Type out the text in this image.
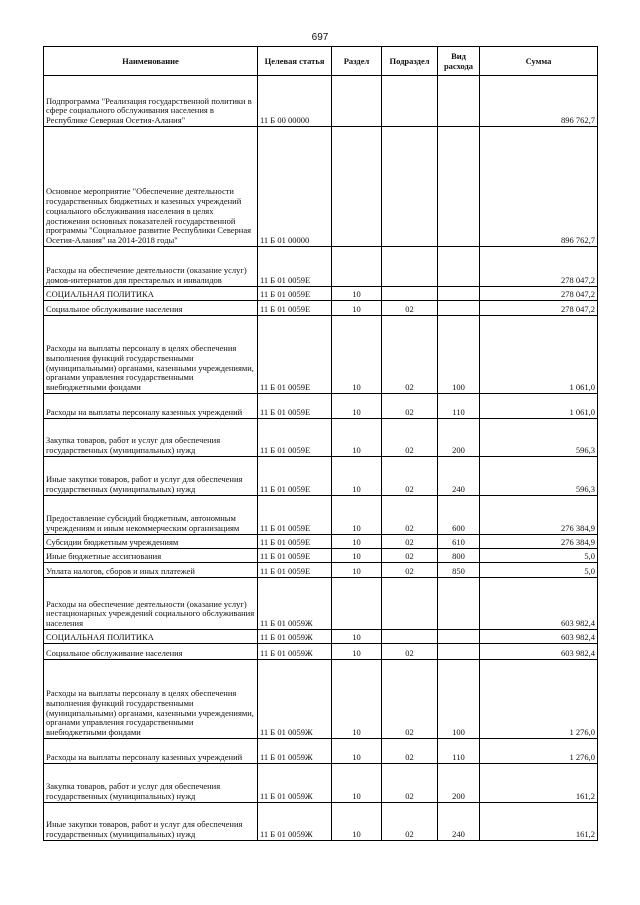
697
Наименование	Целевая статья	Раздел	Подраздел	Вид расхода	Сумма
Подпрограмма "Реализация государственной политики в сфере социального обслуживания населения в Республике Северная Осетия-Алания"	11 Б 00 00000				896 762,7
Основное мероприятие "Обеспечение деятельности государственных бюджетных и казенных учреждений социального обслуживания населения в целях достижения основных показателей государственной программы "Социальное развитие Республики Северная Осетия-Алания" на 2014-2018 годы"	11 Б 01 00000				896 762,7
Расходы на обеспечение деятельности (оказание услуг) домов-интернатов для престарелых и инвалидов	11 Б 01 0059Е				278 047,2
СОЦИАЛЬНАЯ ПОЛИТИКА	11 Б 01 0059Е	10			278 047,2
Социальное обслуживание населения	11 Б 01 0059Е	10	02		278 047,2
Расходы на выплаты персоналу в целях обеспечения выполнения функций государственными (муниципальными) органами, казенными учреждениями, органами управления государственными внебюджетными фондами	11 Б 01 0059Е	10	02	100	1 061,0
Расходы на выплаты персоналу казенных учреждений	11 Б 01 0059Е	10	02	110	1 061,0
Закупка товаров, работ и услуг для обеспечения государственных (муниципальных) нужд	11 Б 01 0059Е	10	02	200	596,3
Иные закупки товаров, работ и услуг для обеспечения государственных (муниципальных) нужд	11 Б 01 0059Е	10	02	240	596,3
Предоставление субсидий бюджетным, автономным учреждениям и иным некоммерческим организациям	11 Б 01 0059Е	10	02	600	276 384,9
Субсидии бюджетным учреждениям	11 Б 01 0059Е	10	02	610	276 384,9
Иные бюджетные ассигнования	11 Б 01 0059Е	10	02	800	5,0
Уплата налогов, сборов и иных платежей	11 Б 01 0059Е	10	02	850	5,0
Расходы на обеспечение деятельности (оказание услуг) нестационарных учреждений социального обслуживания населения	11 Б 01 0059Ж				603 982,4
СОЦИАЛЬНАЯ ПОЛИТИКА	11 Б 01 0059Ж	10			603 982,4
Социальное обслуживание населения	11 Б 01 0059Ж	10	02		603 982,4
Расходы на выплаты персоналу в целях обеспечения выполнения функций государственными (муниципальными) органами, казенными учреждениями, органами управления государственными внебюджетными фондами	11 Б 01 0059Ж	10	02	100	1 276,0
Расходы на выплаты персоналу казенных учреждений	11 Б 01 0059Ж	10	02	110	1 276,0
Закупка товаров, работ и услуг для обеспечения государственных (муниципальных) нужд	11 Б 01 0059Ж	10	02	200	161,2
Иные закупки товаров, работ и услуг для обеспечения государственных (муниципальных) нужд	11 Б 01 0059Ж	10	02	240	161,2
